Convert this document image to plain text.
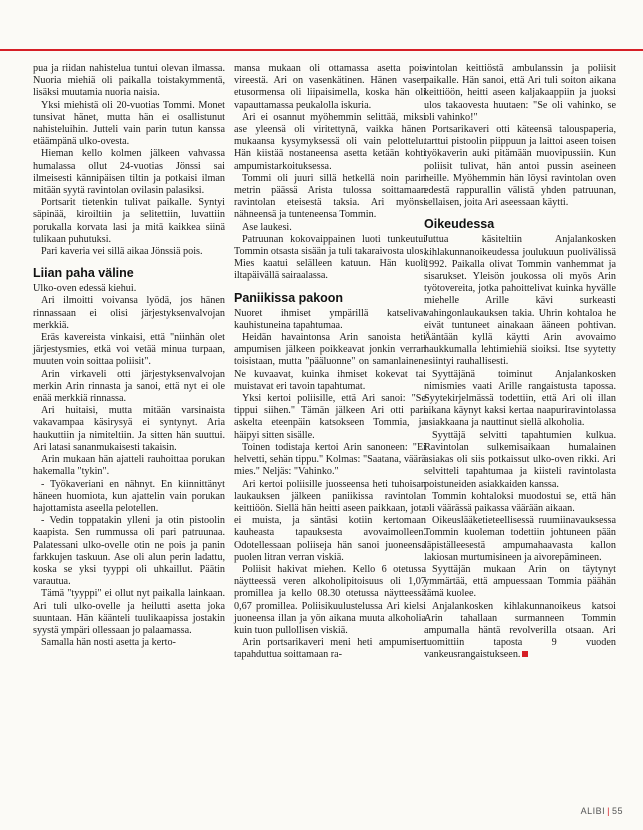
pua ja riidan nahistelua tuntui olevan ilmassa. Nuoria miehiä oli paikalla toistakymmentä, lisäksi muutamia nuoria naisia.

Yksi miehistä oli 20-vuotias Tommi. Monet tunsivat hänet, mutta hän ei osallistunut nahisteluihin. Jutteli vain parin tutun kanssa etäämpänä ulko-ovesta.

Hieman kello kolmen jälkeen vahvassa humalassa ollut 24-vuotias Jönssi sai ilmeisesti kännipäisen tiltin ja potkaisi ilman mitään syytä ravintolan ovilasin palasiksi.

Portsarit tietenkin tulivat paikalle. Syntyi säpinää, kiroiltiin ja selitettiin, luvattiin porukalla korvata lasi ja mitä kaikkea siinä tulikaan puhutuksi.

Pari kaveria vei sillä aikaa Jönssiä pois.

Liian paha väline

Ulko-oven edessä kiehui.

Ari ilmoitti voivansa lyödä, jos hänen rinnassaan ei olisi järjestyksenvalvojan merkkiä.

Eräs kavereista vinkaisi, että "niinhän olet järjestysmies, etkä voi vetää minua turpaan, muuten voin soittaa poliisit".

Arin virkaveli otti järjestyksenvalvojan merkin Arin rinnasta ja sanoi, että nyt ei ole enää merkkiä rinnassa.

Ari huitaisi, mutta mitään varsinaista vakavampaa käsirysyä ei syntynyt. Aria haukuttiin ja nimiteltiin. Ja sitten hän suuttui. Ari latasi sananmukaisesti takaisin.

Arin mukaan hän ajatteli rauhoittaa porukan hakemalla "tykin".

- Työkaveriani en nähnyt. En kiinnittänyt häneen huomiota, kun ajattelin vain porukan hajottamista aseella pelotellen.

- Vedin toppatakin ylleni ja otin pistoolin kaapista. Sen rummussa oli pari patruunaa. Palatessani ulko-ovelle otin ne pois ja panin farkkujen taskuun. Ase oli alun perin ladattu, koska se yksi tyyppi oli uhkaillut. Päätin varautua.

Tämä "tyyppi" ei ollut nyt paikalla lainkaan. Ari tuli ulko-ovelle ja heilutti asetta joka suuntaan. Hän käänteli tuulikaapissa jostakin syystä ympäri ollessaan jo palaamassa.

Samalla hän nosti asetta ja kerto-

mansa mukaan oli ottamassa asetta pois vireestä. Ari on vasenkätinen. Hänen vasen etusormensa oli liipaisimella, koska hän oli vapauttamassa peukalolla iskuria.

Ari ei osannut myöhemmin selittää, miksi ase yleensä oli viritettynä, vaikka hänen mukaansa kysymyksessä oli vain pelottelu. Hän kiistää nostaneensa asetta ketään kohti ampumistarkoituksessa.

Tommi oli juuri sillä hetkellä noin parin metrin päässä Arista tulossa soittamaan ravintolan eteisestä taksia. Ari myönsi nähneensä ja tunteneensa Tommin.

Ase laukesi.

Patruunan kokovaippainen luoti tunkeutui Tommin otsasta sisään ja tuli takaraivosta ulos. Mies kaatui selälleen katuun. Hän kuoli iltapäivällä sairaalassa.

Paniikissa pakoon

Nuoret ihmiset ympärillä katselivat kauhistuneina tapahtumaa.

Heidän havaintonsa Arin sanoista heti ampumisen jälkeen poikkeavat jonkin verran toisistaan, mutta "pääluonne" on samanlainen. Ne kuvaavat, kuinka ihmiset kokevat tai muistavat eri tavoin tapahtumat.

Yksi kertoi poliisille, että Ari sanoi: "Se tippui siihen." Tämän jälkeen Ari otti pari askelta eteenpäin katsokseen Tommia, ja häipyi sitten sisälle.

Toinen todistaja kertoi Arin sanoneen: "Ei helvetti, sehän tippu." Kolmas: "Saatana, väärä mies." Neljäs: "Vahinko."

Ari kertoi poliisille juosseensa heti tuhoisan laukauksen jälkeen paniikissa ravintolan keittiöön. Siellä hän heitti aseen paikkaan, jota ei muista, ja säntäsi kotiin kertomaan kauheasta tapauksesta avovaimolleen. Odotellessaan poliiseja hän sanoi juoneensa puolen litran verran viskiä.

Poliisit hakivat miehen. Kello 6 otetussa näytteessä veren alkoholipitoisuus oli 1,07 promillea ja kello 08.30 otetussa näytteessä 0,67 promillea. Poliisikuulustelussa Ari kielsi juoneensa illan ja yön aikana muuta alkoholia kuin tuon pullollisen viskiä.

Arin portsarikaveri meni heti ampumisen tapahduttua soittamaan ra-

vintolan keittiöstä ambulanssin ja poliisit paikalle. Hän sanoi, että Ari tuli soiton aikana keittiöön, heitti aseen kaljakaappiin ja juoksi ulos takaovesta huutaen: "Se oli vahinko, se oli vahinko!"

Portsarikaveri otti käteensä talouspaperia, tarttui pistoolin piippuun ja laittoi aseen toisen työkaverin auki pitämään muovipussiin. Kun poliisit tulivat, hän antoi pussin aseineen heille. Myöhemmin hän löysi ravintolan oven edestä rappurallin välistä yhden patruunan, sellaisen, joita Ari aseessaan käytti.

Oikeudessa

Juttua käsiteltiin Anjalankosken kihlakunnanoikeudessa joulukuun puolivälissä 1992. Paikalla olivat Tommin vanhemmat ja sisarukset. Yleisön joukossa oli myös Arin työtovereita, jotka pahoittelivat kuinka hyvälle miehelle Arille kävi surkeasti vahingonlaukauksen takia. Uhrin kohtaloa he eivät tuntuneet ainakaan ääneen pohtivan. Ääntään kyllä käytti Arin avovaimo haukkumalla lehtimiehiä sioiksi. Itse syytetty esiintyi rauhallisesti.

Syyttäjänä toiminut Anjalankosken nimismies vaati Arille rangaistusta tapossa. Syytekirjelmässä todettiin, että Ari oli illan aikana käynyt kaksi kertaa naapuriravintolassa asiakkaana ja nauttinut siellä alkoholia.

Syyttäjä selvitti tapahtumien kulkua. Ravintolan sulkemisaikaan humalainen asiakas oli siis potkaissut ulko-oven rikki. Ari selvitteli tapahtumaa ja kiisteli ravintolasta poistuneiden asiakkaiden kanssa.

Tommin kohtaloksi muodostui se, että hän oli väärässä paikassa väärään aikaan.

Oikeuslääketieteellisessä ruumiinavauksessa Tommin kuoleman todettiin johtuneen pään läpiställeesestä ampumahaavasta kallon lakiosan murtumisineen ja aivorepämineen.

Syyttäjän mukaan Arin on täytynyt ymmärtää, että ampuessaan Tommia päähän tämä kuolee.

Anjalankosken kihlakunnanoikeus katsoi Arin tahallaan surmanneen Tommin ampumalla häntä revolverilla otsaan. Ari tuomittiin taposta 9 vuoden vankeusrangaistukseen.

ALIBI | 55
